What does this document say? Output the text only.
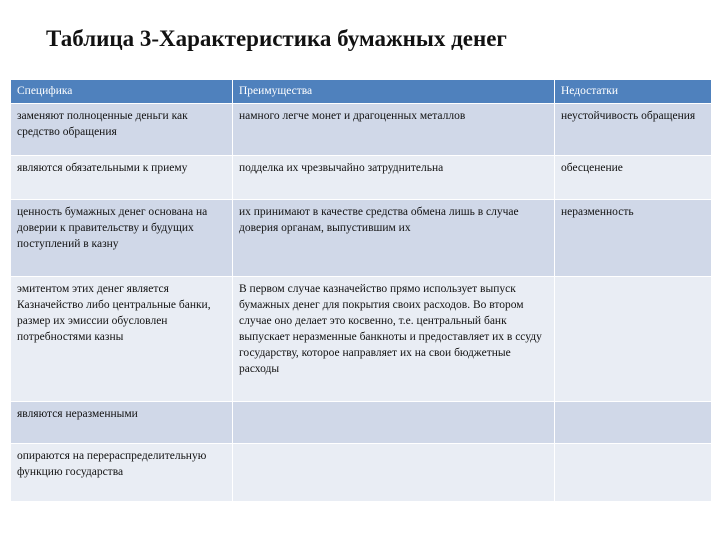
Таблица 3-Характеристика бумажных денег
Специфика	Преимущества	Недостатки
заменяют полноценные деньги как средство обращения	намного легче монет и драгоценных металлов	неустойчивость обращения
являются обязательными к приему	подделка их чрезвычайно затруднительна	обесценение
ценность бумажных денег основана на доверии к правительству и будущих поступлений в казну	их принимают в качестве средства обмена лишь в случае доверия органам, выпустившим их	неразменность
эмитентом этих денег является Казначейство либо центральные банки, размер их эмиссии обусловлен потребностями казны	В первом случае казначейство прямо использует выпуск бумажных денег для покрытия своих расходов. Во втором случае оно делает это косвенно, т.е. центральный банк выпускает неразменные банкноты и предоставляет их в ссуду государству, которое направляет их на свои бюджетные расходы	
являются неразменными		
опираются на перераспределительную функцию государства		
